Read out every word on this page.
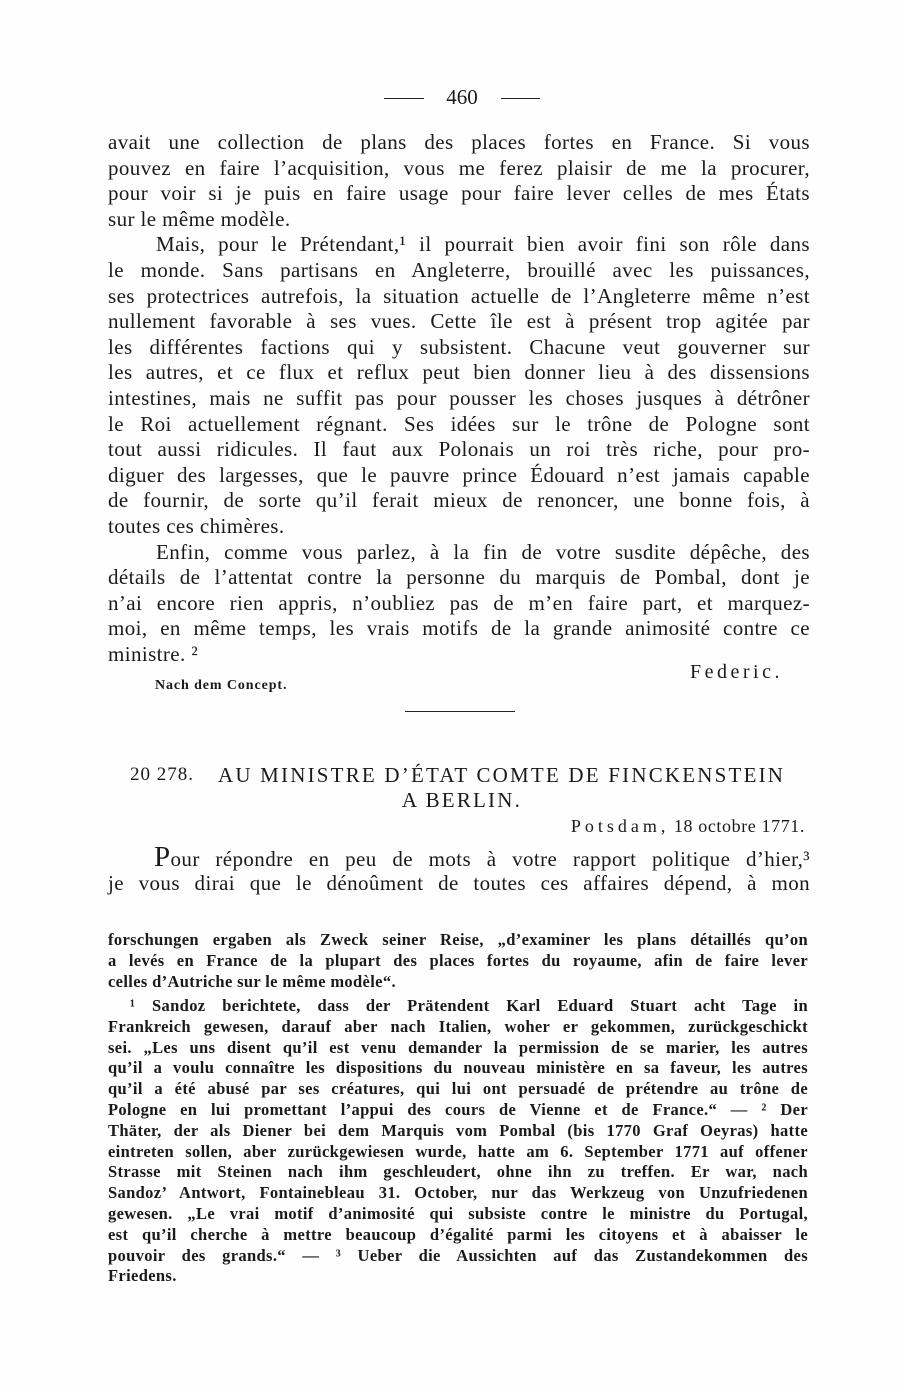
460
avait une collection de plans des places fortes en France. Si vous
pouvez en faire l’acquisition, vous me ferez plaisir de me la procurer,
pour voir si je puis en faire usage pour faire lever celles de mes États
sur le même modèle.
Mais, pour le Prétendant,¹ il pourrait bien avoir fini son rôle dans
le monde. Sans partisans en Angleterre, brouillé avec les puissances,
ses protectrices autrefois, la situation actuelle de l’Angleterre même n’est
nullement favorable à ses vues. Cette île est à présent trop agitée par
les différentes factions qui y subsistent. Chacune veut gouverner sur
les autres, et ce flux et reflux peut bien donner lieu à des dissensions
intestines, mais ne suffit pas pour pousser les choses jusques à détrôner
le Roi actuellement régnant. Ses idées sur le trône de Pologne sont
tout aussi ridicules. Il faut aux Polonais un roi très riche, pour pro-
diguer des largesses, que le pauvre prince Édouard n’est jamais capable
de fournir, de sorte qu’il ferait mieux de renoncer, une bonne fois, à
toutes ces chimères.
Enfin, comme vous parlez, à la fin de votre susdite dépêche, des
détails de l’attentat contre la personne du marquis de Pombal, dont je
n’ai encore rien appris, n’oubliez pas de m’en faire part, et marquez-
moi, en même temps, les vrais motifs de la grande animosité contre ce
ministre. ²
Federic.
Nach dem Concept.
20 278. AU MINISTRE D’ÉTAT COMTE DE FINCKENSTEIN
A BERLIN.
Potsdam, 18 octobre 1771.
Pour répondre en peu de mots à votre rapport politique d’hier,³
je vous dirai que le dénoûment de toutes ces affaires dépend, à mon
forschungen ergaben als Zweck seiner Reise, „d’examiner les plans détaillés qu’on
a levés en France de la plupart des places fortes du royaume, afin de faire lever
celles d’Autriche sur le même modèle“.
¹ Sandoz berichtete, dass der Prätendent Karl Eduard Stuart acht Tage in
Frankreich gewesen, darauf aber nach Italien, woher er gekommen, zurückgeschickt
sei. „Les uns disent qu’il est venu demander la permission de se marier, les autres
qu’il a voulu connaître les dispositions du nouveau ministère en sa faveur, les autres
qu’il a été abusé par ses créatures, qui lui ont persuadé de prétendre au trône de
Pologne en lui promettant l’appui des cours de Vienne et de France.“ — ² Der
Thäter, der als Diener bei dem Marquis vom Pombal (bis 1770 Graf Oeyras) hatte
eintreten sollen, aber zurückgewiesen wurde, hatte am 6. September 1771 auf offener
Strasse mit Steinen nach ihm geschleudert, ohne ihn zu treffen. Er war, nach
Sandoz’ Antwort, Fontainebleau 31. October, nur das Werkzeug von Unzufriedenen
gewesen. „Le vrai motif d’animosité qui subsiste contre le ministre du Portugal,
est qu’il cherche à mettre beaucoup d’égalité parmi les citoyens et à abaisser le
pouvoir des grands.“ — ³ Ueber die Aussichten auf das Zustandekommen des
Friedens.
